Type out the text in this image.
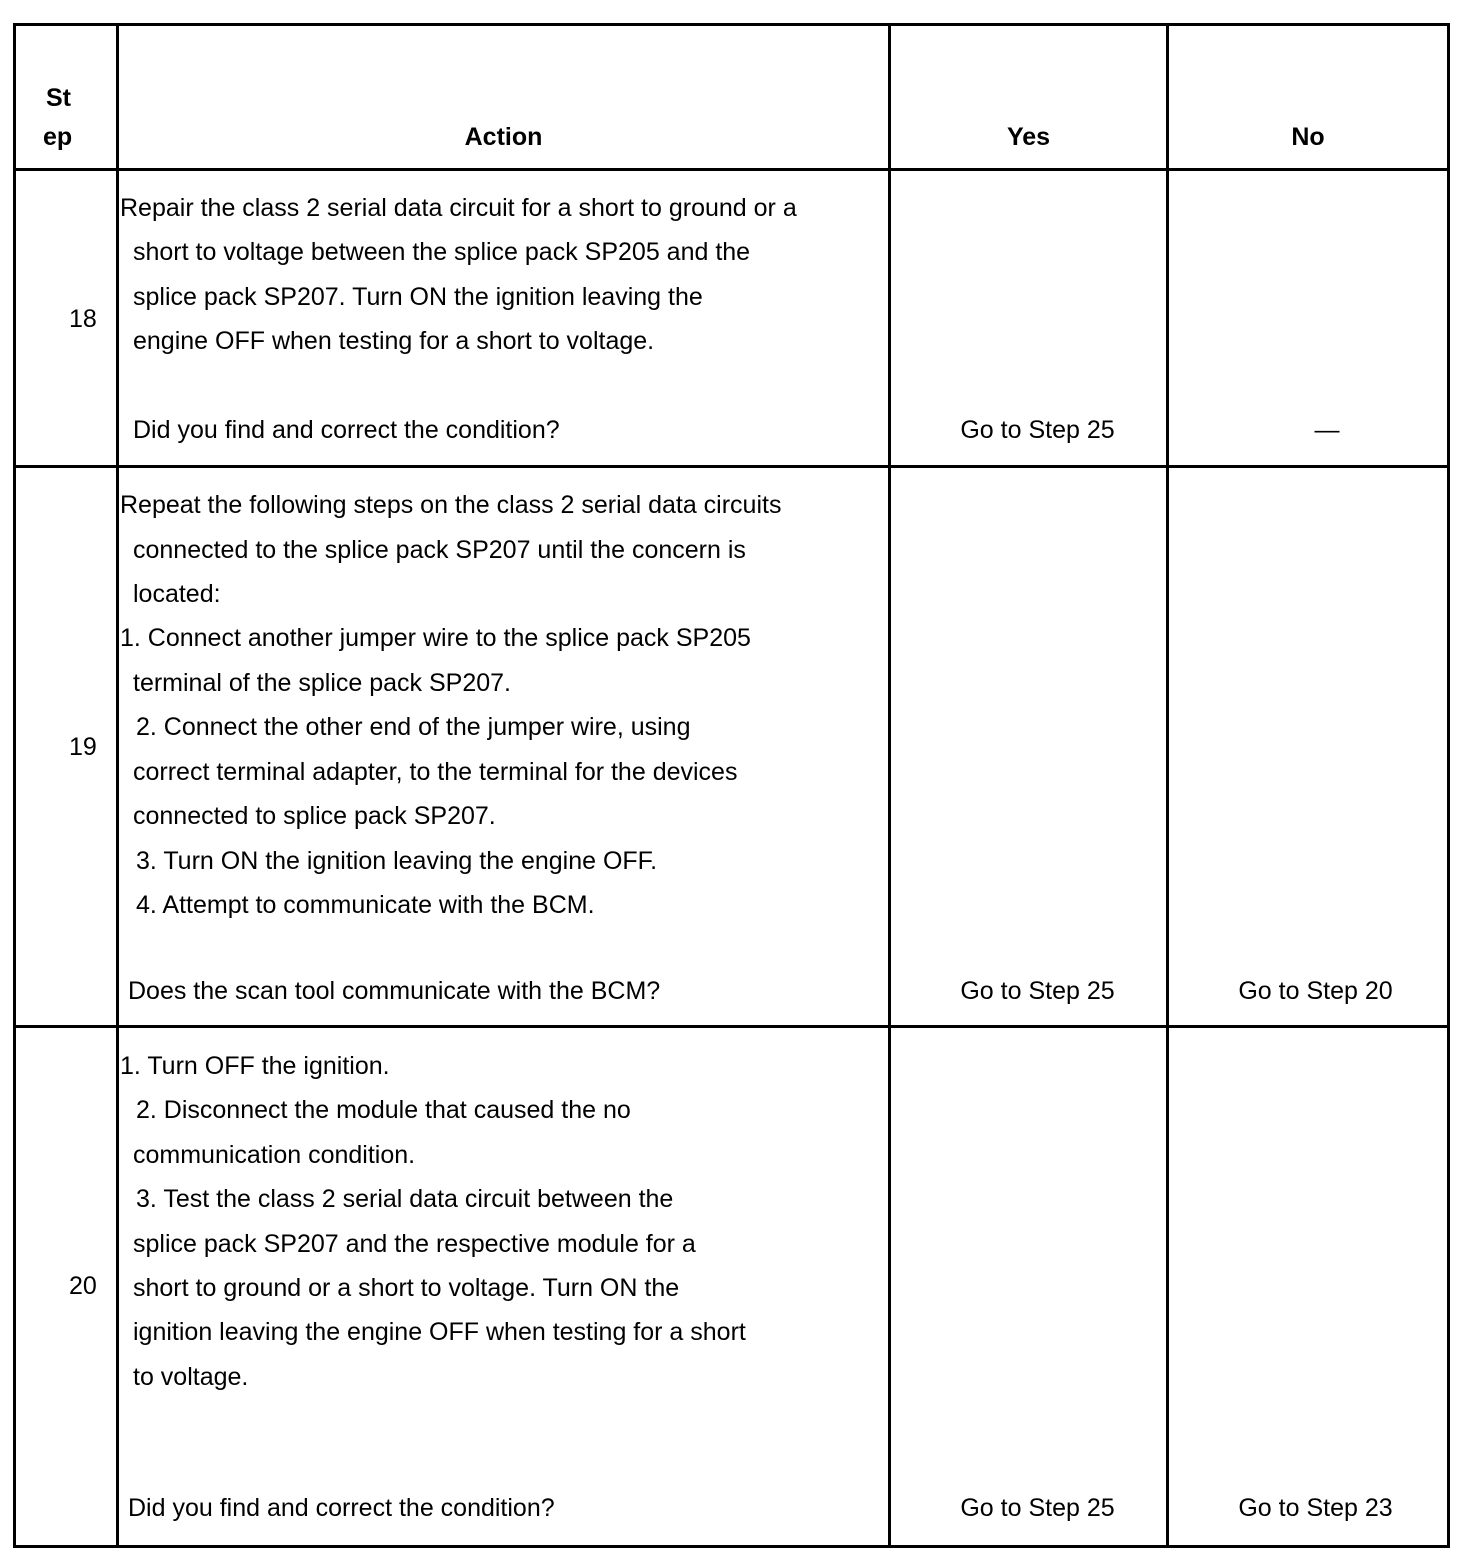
St
ep	Action	Yes	No
18
Repair the class 2 serial data circuit for a short to ground or a
short to voltage between the splice pack SP205 and the
splice pack SP207. Turn ON the ignition leaving the
engine OFF when testing for a short to voltage.
Did you find and correct the condition?	Go to Step 25	—
19
Repeat the following steps on the class 2 serial data circuits
connected to the splice pack SP207 until the concern is
located:
1. Connect another jumper wire to the splice pack SP205
terminal of the splice pack SP207.
2. Connect the other end of the jumper wire, using
correct terminal adapter, to the terminal for the devices
connected to splice pack SP207.
3. Turn ON the ignition leaving the engine OFF.
4. Attempt to communicate with the BCM.
Does the scan tool communicate with the BCM?	Go to Step 25	Go to Step 20
20
1. Turn OFF the ignition.
2. Disconnect the module that caused the no
communication condition.
3. Test the class 2 serial data circuit between the
splice pack SP207 and the respective module for a
short to ground or a short to voltage. Turn ON the
ignition leaving the engine OFF when testing for a short
to voltage.
Did you find and correct the condition?	Go to Step 25	Go to Step 23
